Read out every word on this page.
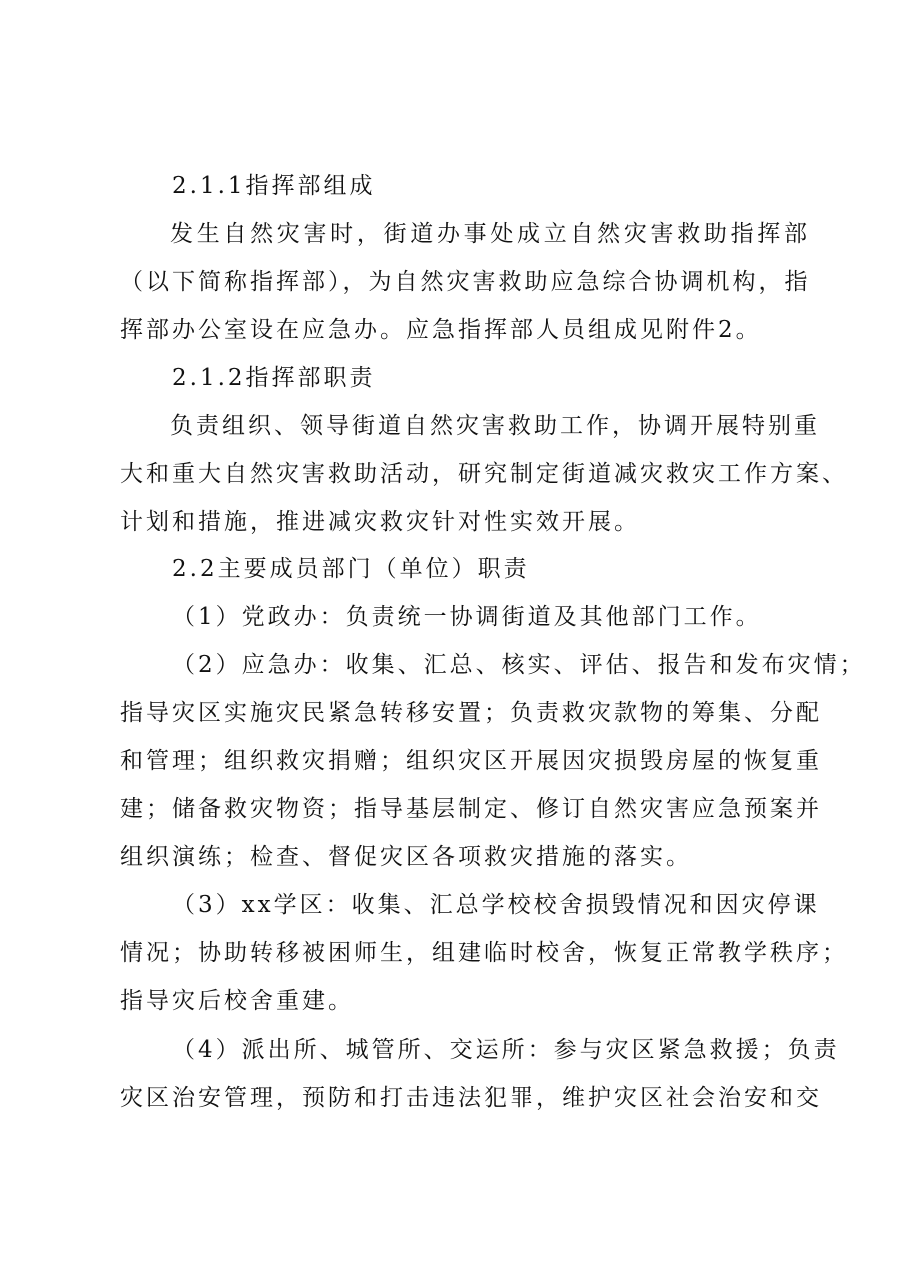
2.1.1指挥部组成
发生自然灾害时，街道办事处成立自然灾害救助指挥部
（以下简称指挥部），为自然灾害救助应急综合协调机构，指
挥部办公室设在应急办。应急指挥部人员组成见附件2。
2.1.2指挥部职责
负责组织、领导街道自然灾害救助工作，协调开展特别重
大和重大自然灾害救助活动，研究制定街道减灾救灾工作方案、
计划和措施，推进减灾救灾针对性实效开展。
2.2主要成员部门（单位）职责
（1）党政办：负责统一协调街道及其他部门工作。
（2）应急办：收集、汇总、核实、评估、报告和发布灾情；
指导灾区实施灾民紧急转移安置；负责救灾款物的筹集、分配
和管理；组织救灾捐赠；组织灾区开展因灾损毁房屋的恢复重
建；储备救灾物资；指导基层制定、修订自然灾害应急预案并
组织演练；检查、督促灾区各项救灾措施的落实。
（3）xx学区：收集、汇总学校校舍损毁情况和因灾停课
情况；协助转移被困师生，组建临时校舍，恢复正常教学秩序；
指导灾后校舍重建。
（4）派出所、城管所、交运所：参与灾区紧急救援；负责
灾区治安管理，预防和打击违法犯罪，维护灾区社会治安和交
